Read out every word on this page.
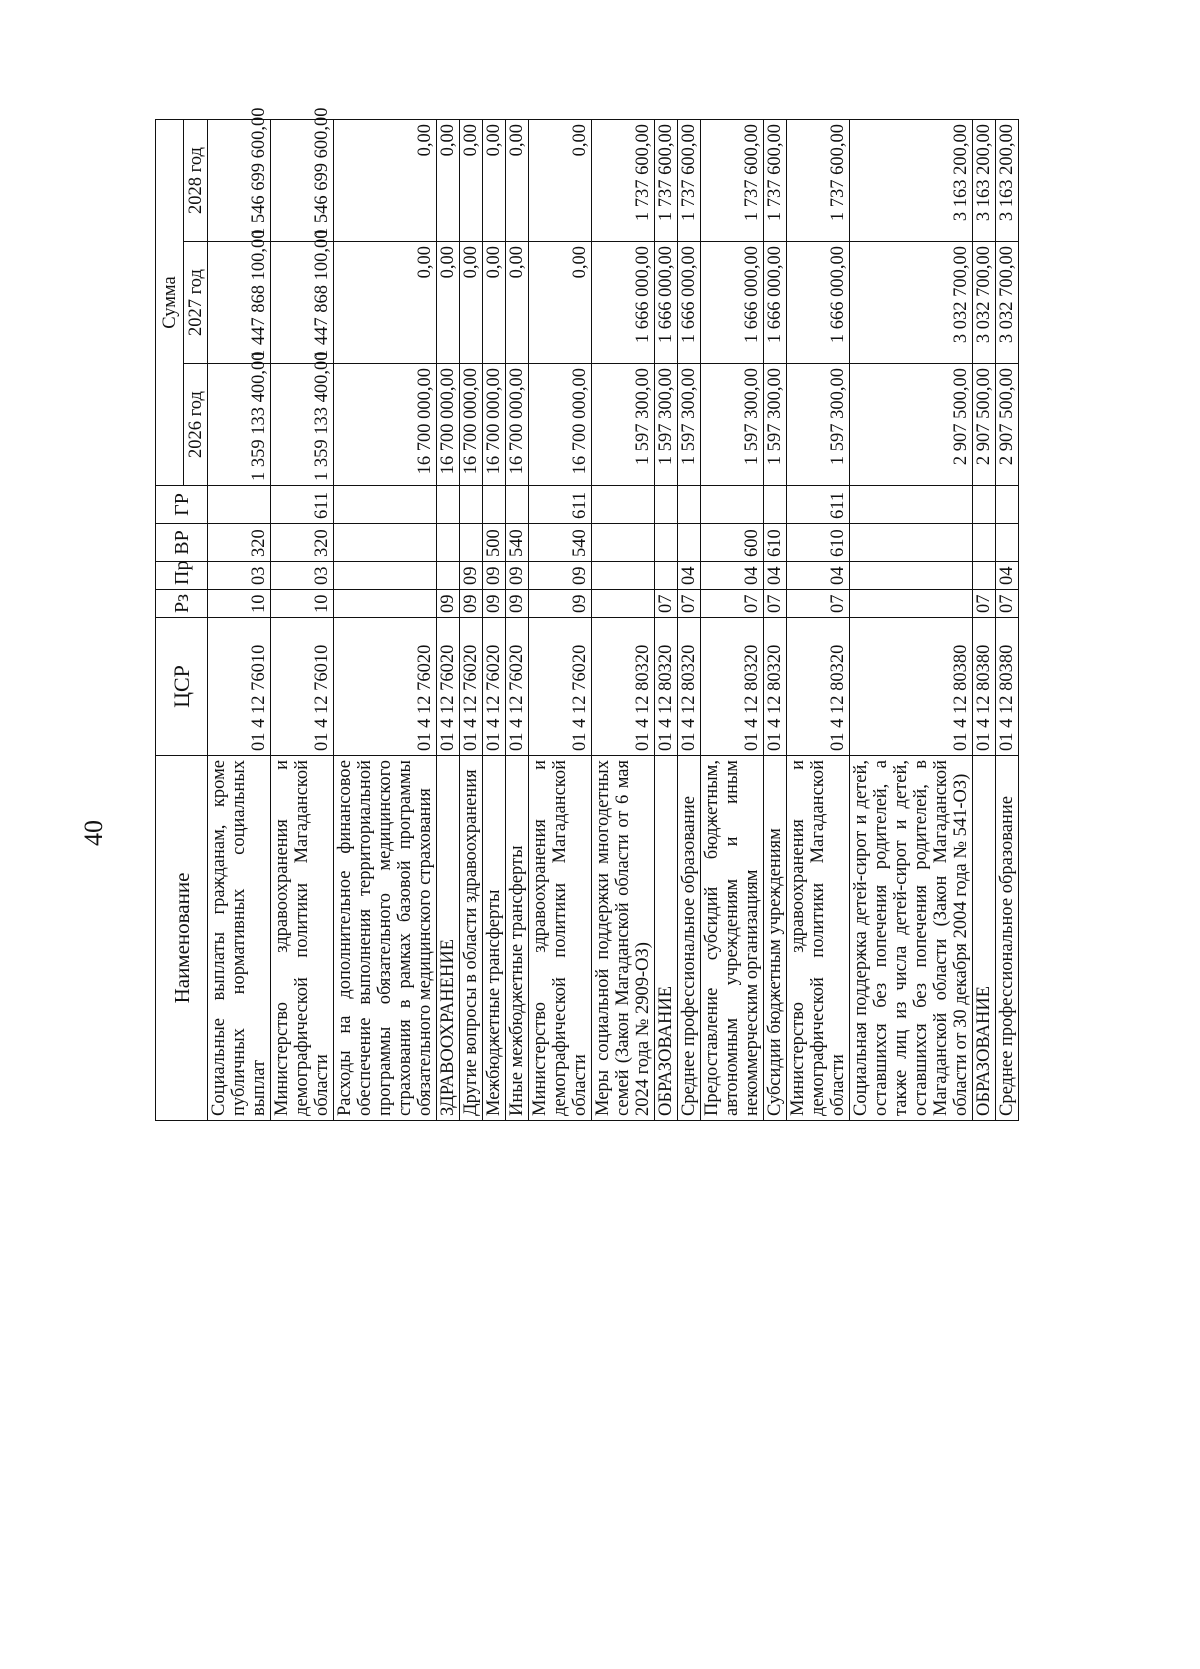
40
Наименование	ЦСР	Рз	Пр	ВР	ГР	Сумма		
						2026 год	2027 год	2028 год
Социальные выплаты гражданам, кроме публичных нормативных социальных выплат	01 4 12 76010	10	03	320		1 359 133 400,00	1 447 868 100,00	1 546 699 600,00
Министерство здравоохранения и демографической политики Магаданской области	01 4 12 76010	10	03	320	611	1 359 133 400,00	1 447 868 100,00	1 546 699 600,00
Расходы на дополнительное финансовое обеспечение выполнения территориальной программы обязательного медицинского страхования в рамках базовой программы обязательного медицинского страхования	01 4 12 76020					16 700 000,00	0,00	0,00
ЗДРАВООХРАНЕНИЕ	01 4 12 76020	09				16 700 000,00	0,00	0,00
Другие вопросы в области здравоохранения	01 4 12 76020	09	09			16 700 000,00	0,00	0,00
Межбюджетные трансферты	01 4 12 76020	09	09	500		16 700 000,00	0,00	0,00
Иные межбюджетные трансферты	01 4 12 76020	09	09	540		16 700 000,00	0,00	0,00
Министерство здравоохранения и демографической политики Магаданской области	01 4 12 76020	09	09	540	611	16 700 000,00	0,00	0,00
Меры социальной поддержки многодетных семей (Закон Магаданской области от 6 мая 2024 года № 2909-ОЗ)	01 4 12 80320					1 597 300,00	1 666 000,00	1 737 600,00
ОБРАЗОВАНИЕ	01 4 12 80320	07				1 597 300,00	1 666 000,00	1 737 600,00
Среднее профессиональное образование	01 4 12 80320	07	04			1 597 300,00	1 666 000,00	1 737 600,00
Предоставление субсидий бюджетным, автономным учреждениям и иным некоммерческим организациям	01 4 12 80320	07	04	600		1 597 300,00	1 666 000,00	1 737 600,00
Субсидии бюджетным учреждениям	01 4 12 80320	07	04	610		1 597 300,00	1 666 000,00	1 737 600,00
Министерство здравоохранения и демографической политики Магаданской области	01 4 12 80320	07	04	610	611	1 597 300,00	1 666 000,00	1 737 600,00
Социальная поддержка детей-сирот и детей, оставшихся без попечения родителей, а также лиц из числа детей-сирот и детей, оставшихся без попечения родителей, в Магаданской области (Закон Магаданской области от 30 декабря 2004 года № 541-ОЗ)	01 4 12 80380					2 907 500,00	3 032 700,00	3 163 200,00
ОБРАЗОВАНИЕ	01 4 12 80380	07				2 907 500,00	3 032 700,00	3 163 200,00
Среднее профессиональное образование	01 4 12 80380	07	04			2 907 500,00	3 032 700,00	3 163 200,00
